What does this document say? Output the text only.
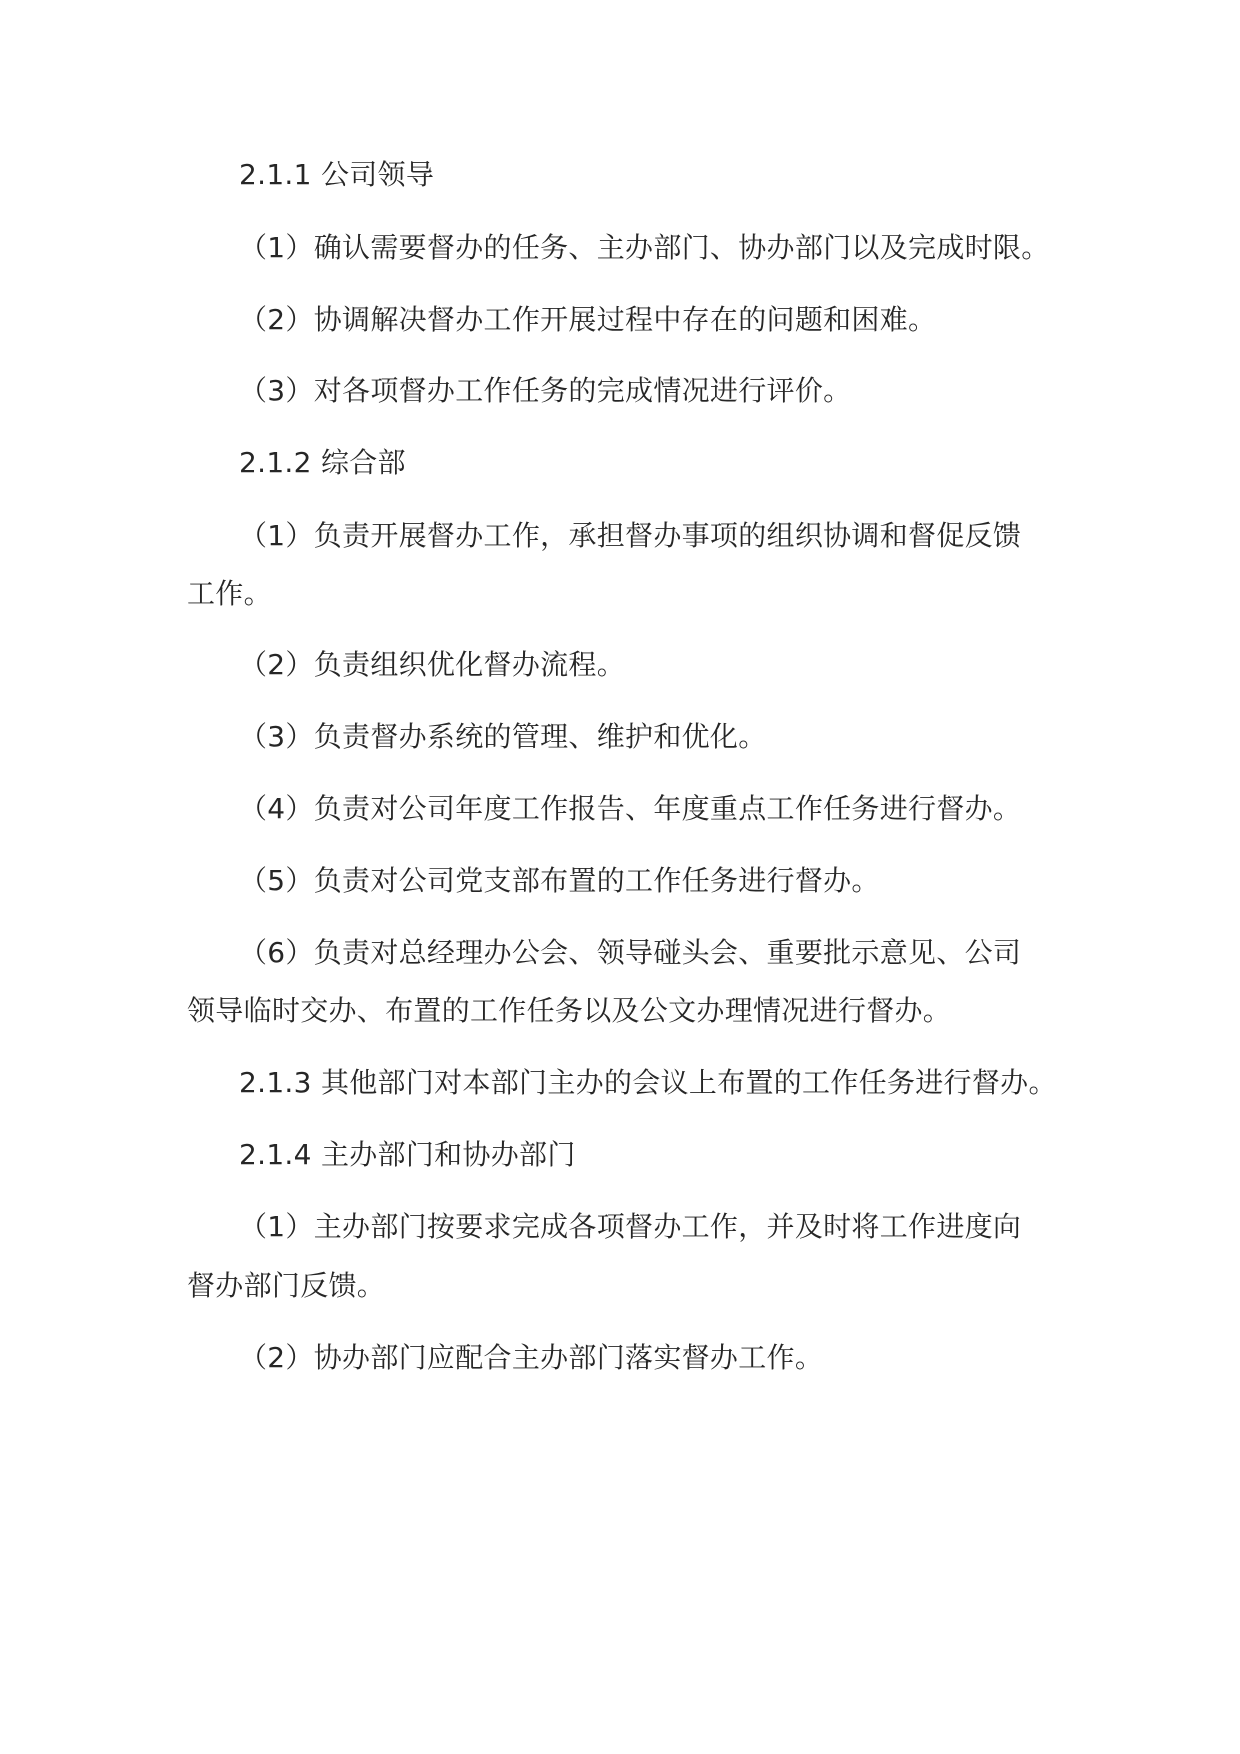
2.1.1 公司领导
（1）确认需要督办的任务、主办部门、协办部门以及完成时限。
（2）协调解决督办工作开展过程中存在的问题和困难。
（3）对各项督办工作任务的完成情况进行评价。
2.1.2 综合部
（1）负责开展督办工作，承担督办事项的组织协调和督促反馈
工作。
（2）负责组织优化督办流程。
（3）负责督办系统的管理、维护和优化。
（4）负责对公司年度工作报告、年度重点工作任务进行督办。
（5）负责对公司党支部布置的工作任务进行督办。
（6）负责对总经理办公会、领导碰头会、重要批示意见、公司
领导临时交办、布置的工作任务以及公文办理情况进行督办。
2.1.3 其他部门对本部门主办的会议上布置的工作任务进行督办。
2.1.4 主办部门和协办部门
（1）主办部门按要求完成各项督办工作，并及时将工作进度向
督办部门反馈。
（2）协办部门应配合主办部门落实督办工作。
